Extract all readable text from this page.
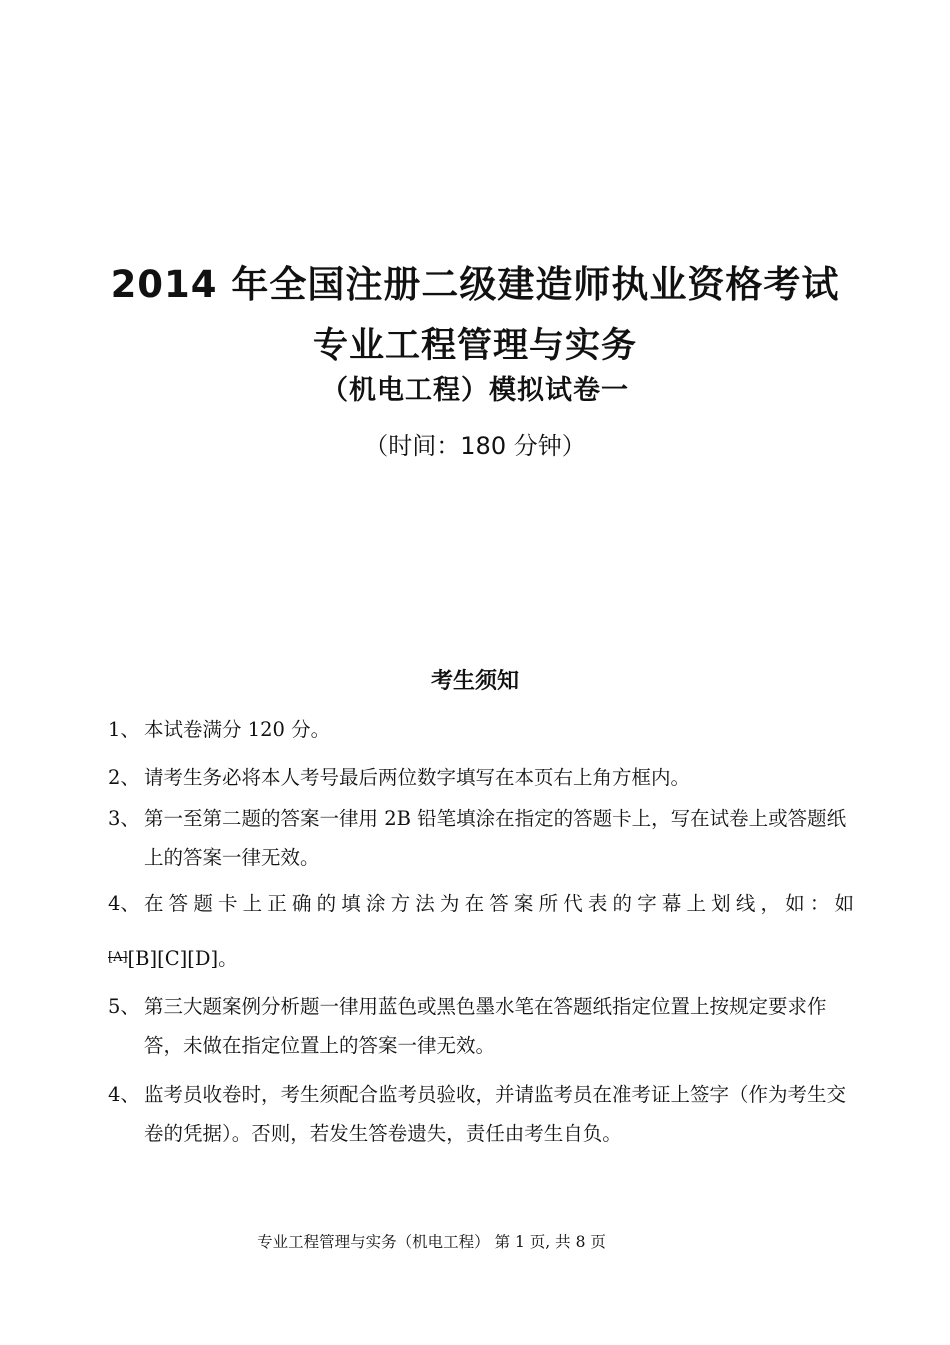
2014 年全国注册二级建造师执业资格考试
专业工程管理与实务
（机电工程）模拟试卷一
（时间：180 分钟）
考生须知
1、 本试卷满分 120 分。
2、 请考生务必将本人考号最后两位数字填写在本页右上角方框内。
3、 第一至第二题的答案一律用 2B 铅笔填涂在指定的答题卡上，写在试卷上或答题纸上的答案一律无效。
4、 在答题卡上正确的填涂方法为在答案所代表的字幕上划线，如：如
[A][B][C][D]。
5、 第三大题案例分析题一律用蓝色或黑色墨水笔在答题纸指定位置上按规定要求作答，未做在指定位置上的答案一律无效。
4、 监考员收卷时，考生须配合监考员验收，并请监考员在准考证上签字（作为考生交卷的凭据）。否则，若发生答卷遗失，责任由考生自负。
专业工程管理与实务（机电工程） 第 1 页, 共 8 页
